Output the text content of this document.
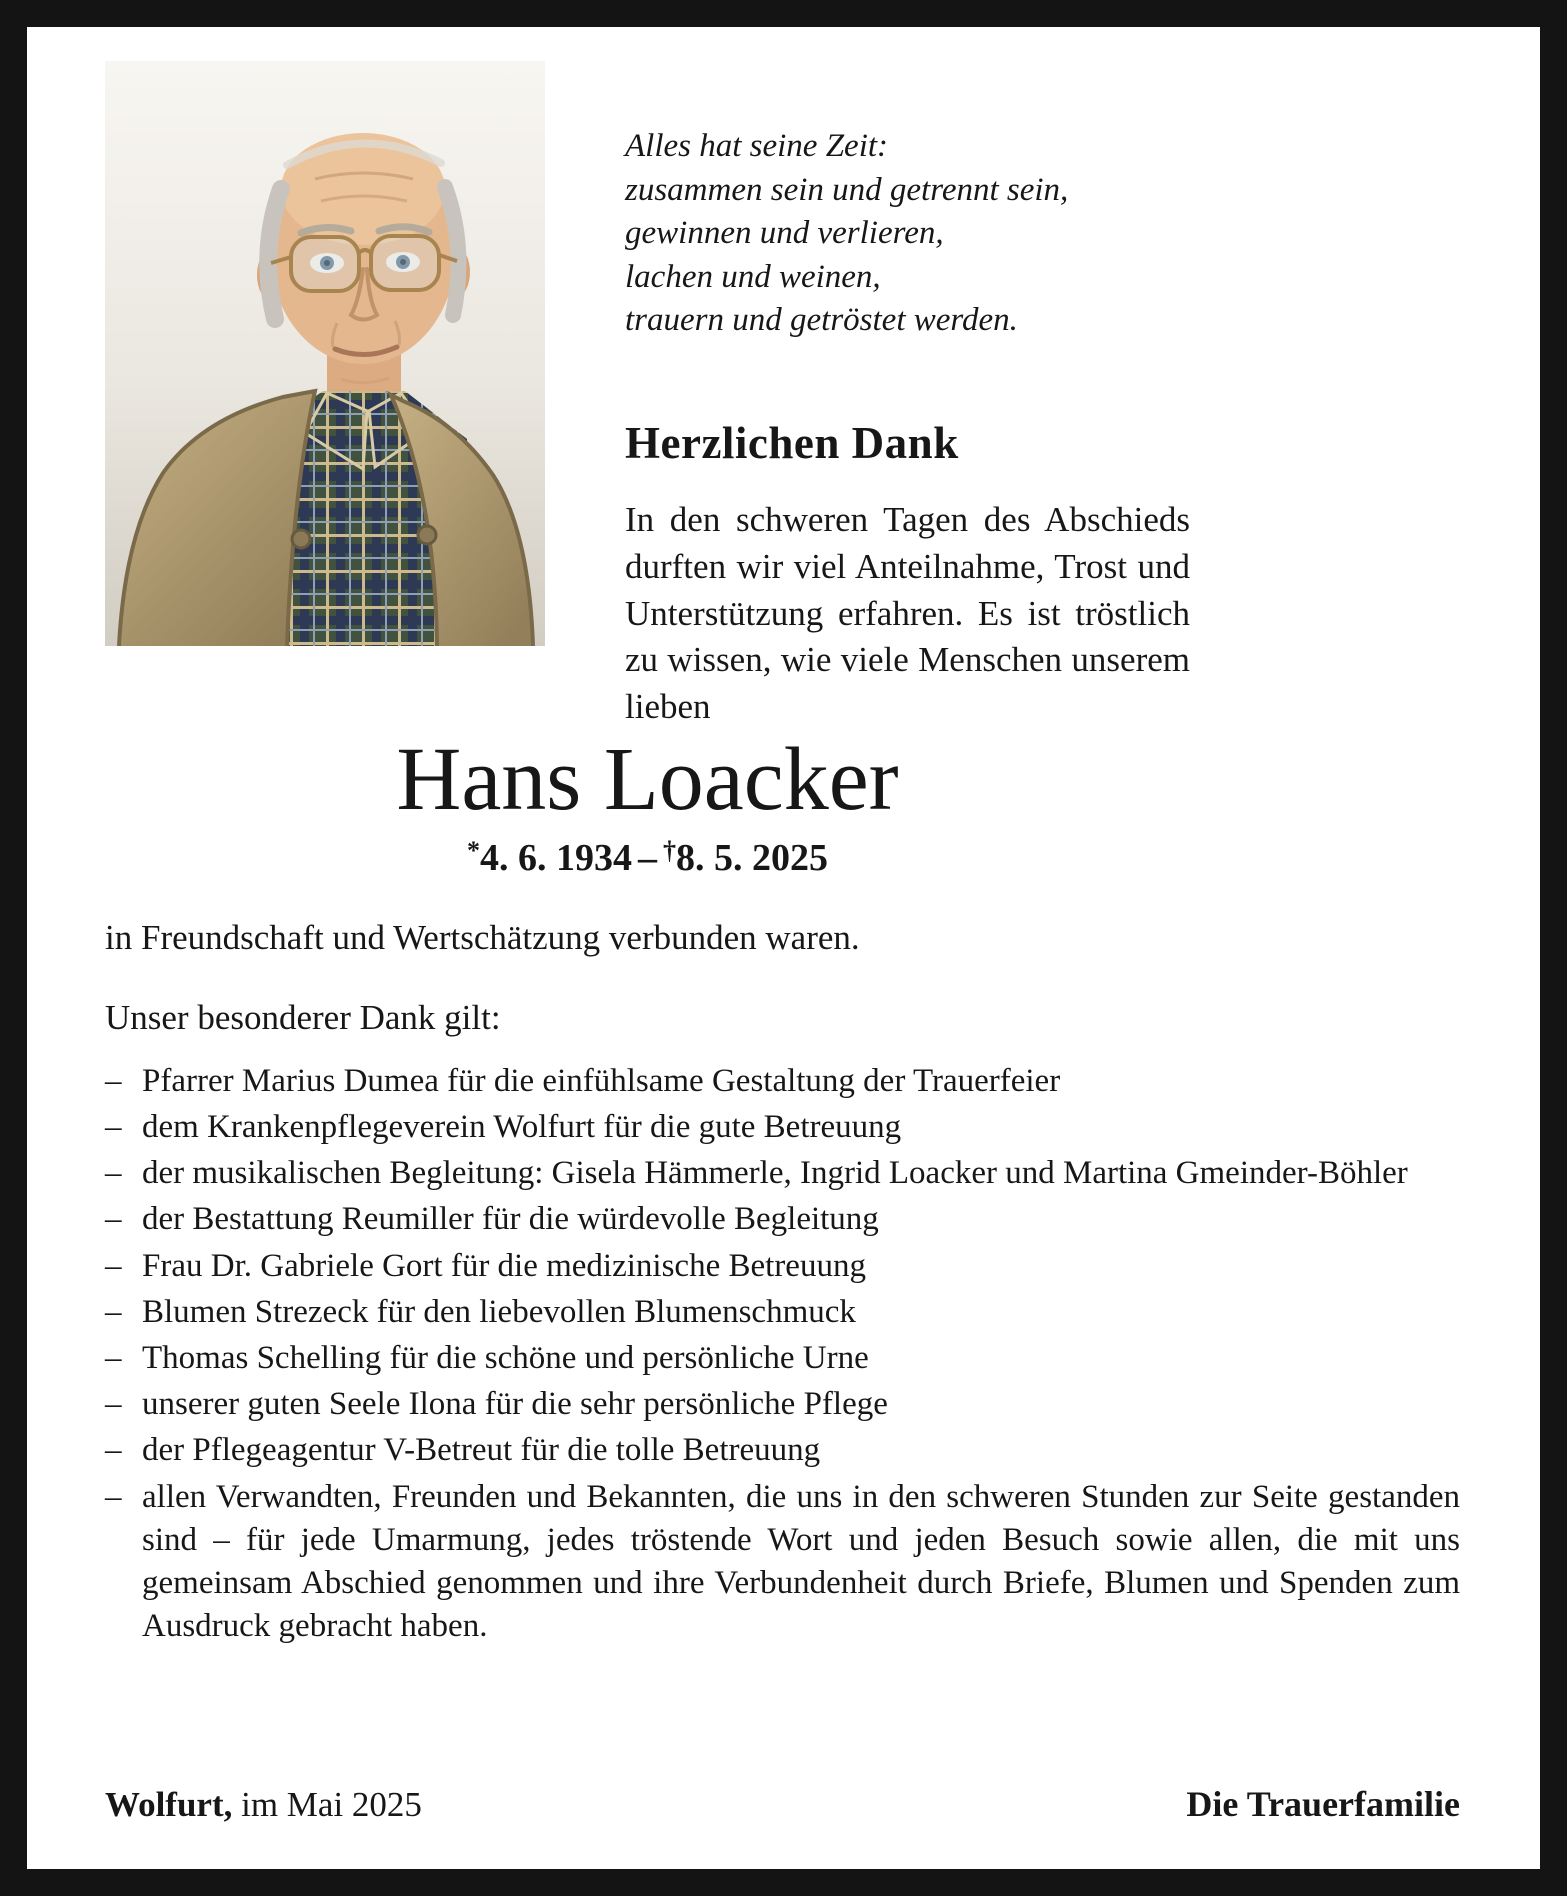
Alles hat seine Zeit:
zusammen sein und getrennt sein,
gewinnen und verlieren,
lachen und weinen,
trauern und getröstet werden.
Herzlichen Dank

In den schweren Tagen des Abschieds durften wir viel Anteilnahme, Trost und Unterstützung erfahren. Es ist tröstlich zu wissen, wie viele Menschen unserem lieben

Hans Loacker
*4. 6. 1934 – †8. 5. 2025

in Freundschaft und Wertschätzung verbunden waren.

Unser besonderer Dank gilt:

– Pfarrer Marius Dumea für die einfühlsame Gestaltung der Trauerfeier
– dem Krankenpflegeverein Wolfurt für die gute Betreuung
– der musikalischen Begleitung: Gisela Hämmerle, Ingrid Loacker und Martina Gmeinder-Böhler
– der Bestattung Reumiller für die würdevolle Begleitung
– Frau Dr. Gabriele Gort für die medizinische Betreuung
– Blumen Strezeck für den liebevollen Blumenschmuck
– Thomas Schelling für die schöne und persönliche Urne
– unserer guten Seele Ilona für die sehr persönliche Pflege
– der Pflegeagentur V-Betreut für die tolle Betreuung
– allen Verwandten, Freunden und Bekannten, die uns in den schweren Stunden zur Seite gestanden sind – für jede Umarmung, jedes tröstende Wort und jeden Besuch sowie allen, die mit uns gemeinsam Abschied genommen und ihre Verbundenheit durch Briefe, Blumen und Spenden zum Ausdruck gebracht haben.
Wolfurt, im Mai 2025	Die Trauerfamilie
